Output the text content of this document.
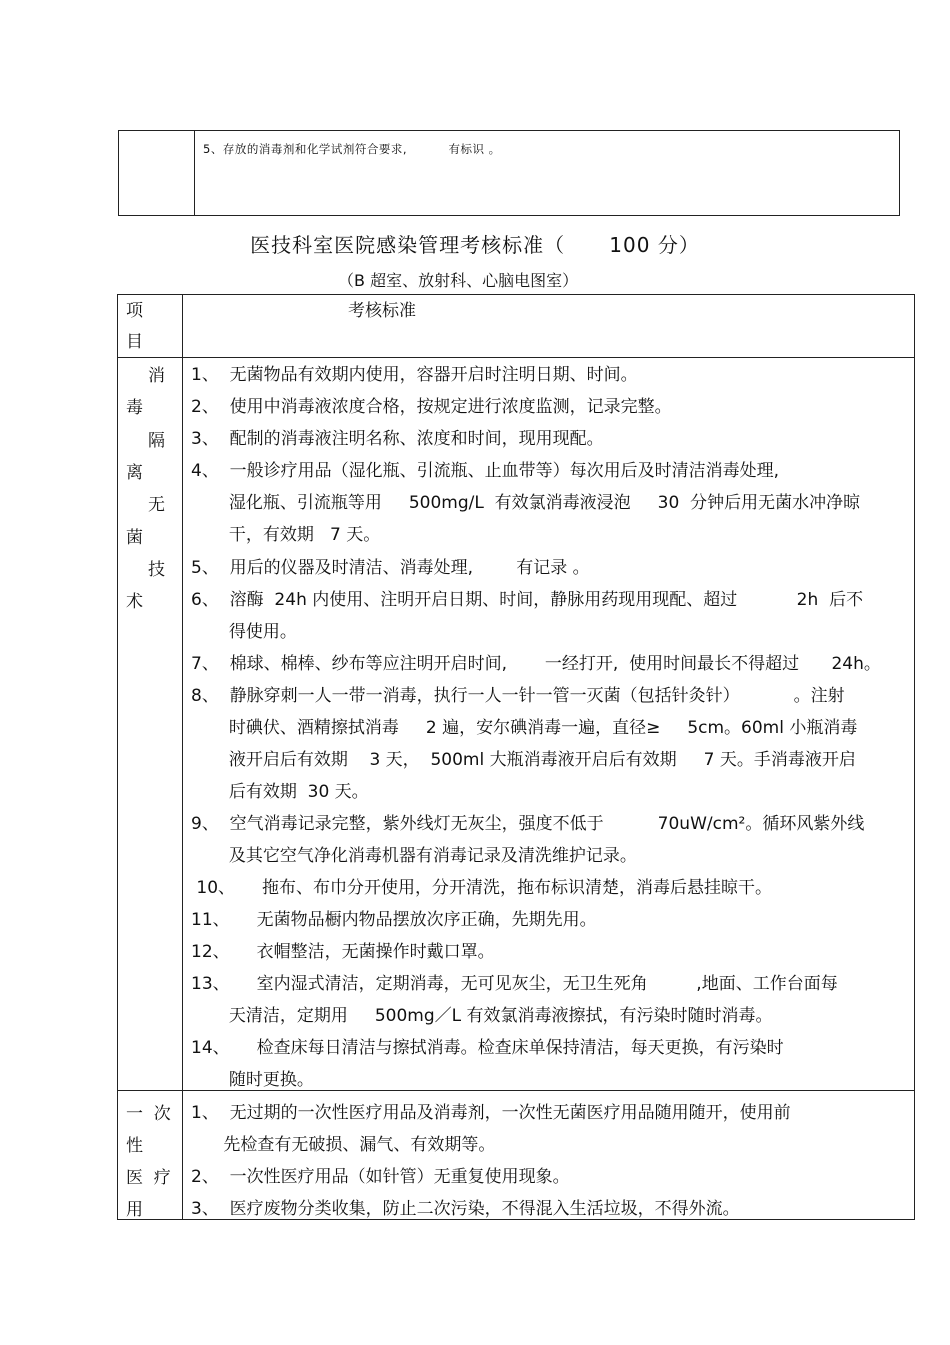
5、存放的消毒剂和化学试剂符合要求,          有标识 。
医技科室医院感染管理考核标准（      100 分）
（B 超室、放射科、心脑电图室）
项
目
考核标准
消
毒
隔
离
无
菌
技
术
1、  无菌物品有效期内使用，容器开启时注明日期、时间。
2、  使用中消毒液浓度合格，按规定进行浓度监测，记录完整。
3、  配制的消毒液注明名称、浓度和时间，现用现配。
4、  一般诊疗用品（湿化瓶、引流瓶、止血带等）每次用后及时清洁消毒处理,
湿化瓶、引流瓶等用     500mg/L  有效氯消毒液浸泡     30  分钟后用无菌水冲净晾
干，有效期   7 天。
5、  用后的仪器及时清洁、消毒处理,        有记录 。
6、  溶酶  24h 内使用、注明开启日期、时间，静脉用药现用现配、超过           2h  后不
得使用。
7、  棉球、棉棒、纱布等应注明开启时间,       一经打开,  使用时间最长不得超过      24h。
8、  静脉穿刺一人一带一消毒，执行一人一针一管一灭菌（包括针灸针）          。注射
时碘伏、酒精擦拭消毒     2 遍，安尔碘消毒一遍，直径≥     5cm。60ml 小瓶消毒
液开启后有效期    3 天，  500ml 大瓶消毒液开启后有效期     7 天。手消毒液开启
后有效期  30 天。
9、  空气消毒记录完整，紫外线灯无灰尘，强度不低于          70uW/cm²。循环风紫外线
及其它空气净化消毒机器有消毒记录及清洗维护记录。
10、     拖布、布巾分开使用，分开清洗，拖布标识清楚，消毒后悬挂晾干。
11、     无菌物品橱内物品摆放次序正确，先期先用。
12、     衣帽整洁，无菌操作时戴口罩。
13、     室内湿式清洁，定期消毒，无可见灰尘，无卫生死角         ,地面、工作台面每
天清洁，定期用     500mg／L 有效氯消毒液擦拭，有污染时随时消毒。
14、     检查床每日清洁与擦拭消毒。检查床单保持清洁，每天更换，有污染时
随时更换。
一  次
性
医  疗
用
1、  无过期的一次性医疗用品及消毒剂，一次性无菌医疗用品随用随开，使用前
先检查有无破损、漏气、有效期等。
2、  一次性医疗用品（如针管）无重复使用现象。
3、  医疗废物分类收集，防止二次污染，不得混入生活垃圾，不得外流。
